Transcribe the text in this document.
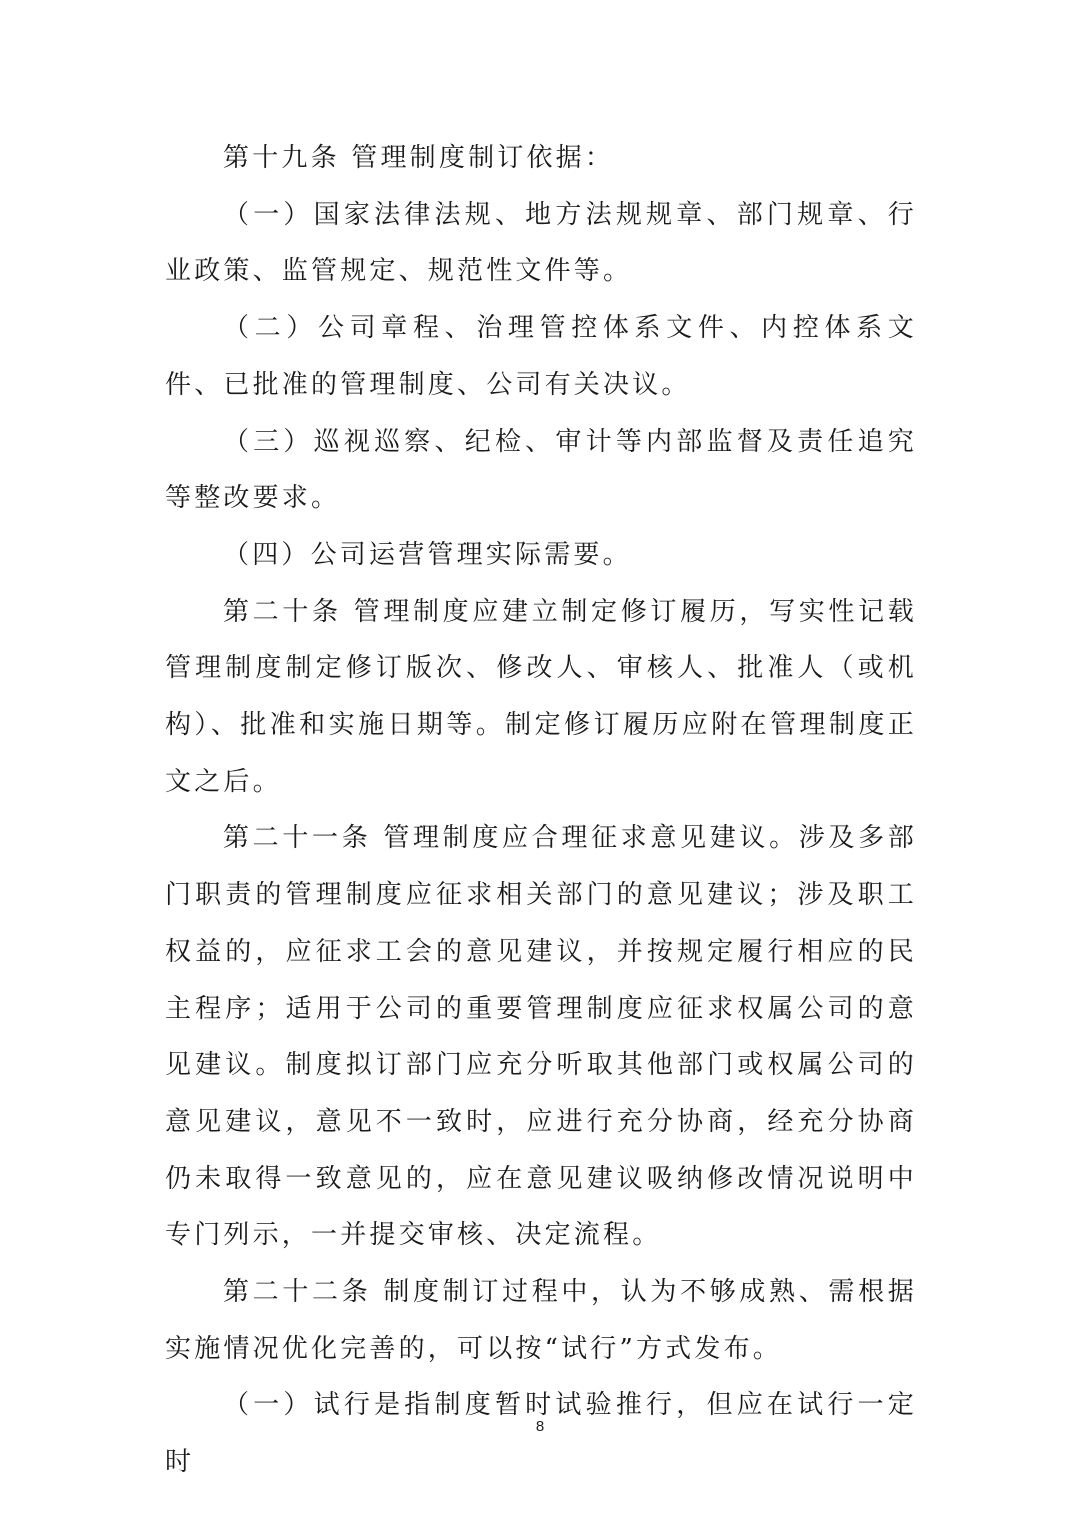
第十九条 管理制度制订依据：

（一）国家法律法规、地方法规规章、部门规章、行业政策、监管规定、规范性文件等。

（二）公司章程、治理管控体系文件、内控体系文件、已批准的管理制度、公司有关决议。

（三）巡视巡察、纪检、审计等内部监督及责任追究等整改要求。

（四）公司运营管理实际需要。

第二十条 管理制度应建立制定修订履历，写实性记载管理制度制定修订版次、修改人、审核人、批准人（或机构）、批准和实施日期等。制定修订履历应附在管理制度正文之后。

第二十一条 管理制度应合理征求意见建议。涉及多部门职责的管理制度应征求相关部门的意见建议；涉及职工权益的，应征求工会的意见建议，并按规定履行相应的民主程序；适用于公司的重要管理制度应征求权属公司的意见建议。制度拟订部门应充分听取其他部门或权属公司的意见建议，意见不一致时，应进行充分协商，经充分协商仍未取得一致意见的，应在意见建议吸纳修改情况说明中专门列示，一并提交审核、决定流程。

第二十二条 制度制订过程中，认为不够成熟、需根据实施情况优化完善的，可以按“试行”方式发布。

（一）试行是指制度暂时试验推行，但应在试行一定时

8
